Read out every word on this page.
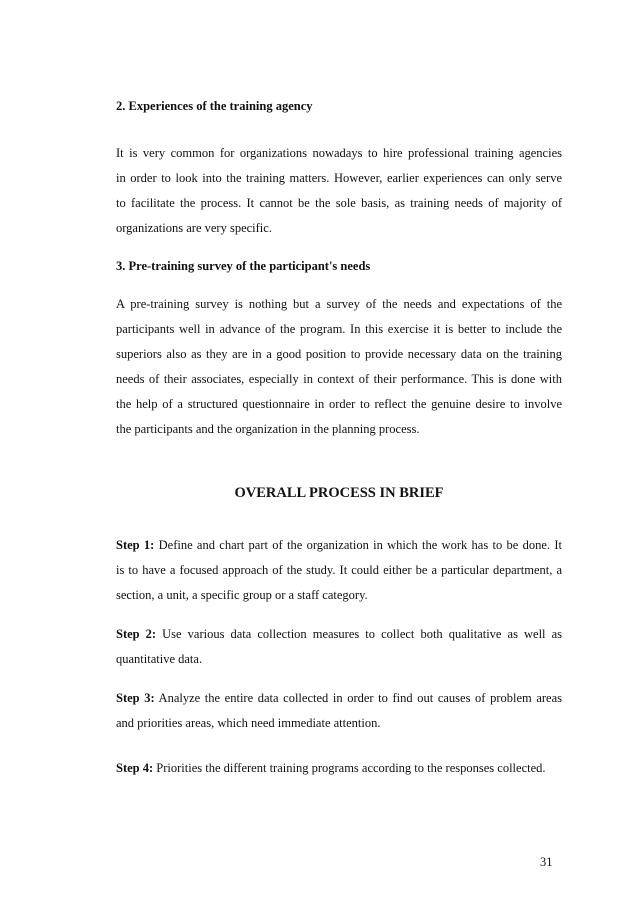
2. Experiences of the training agency
It is very common for organizations nowadays to hire professional training agencies
in order to look into the training matters. However, earlier experiences can only serve
to facilitate the process. It cannot be the sole basis, as training needs of majority of
organizations are very specific.
3. Pre-training survey of the participant's needs
A pre-training survey is nothing but a survey of the needs and expectations of the
participants well in advance of the program. In this exercise it is better to include the
superiors also as they are in a good position to provide necessary data on the training
needs of their associates, especially in context of their performance. This is done with
the help of a structured questionnaire in order to reflect the genuine desire to involve
the participants and the organization in the planning process.
OVERALL PROCESS IN BRIEF
Step 1: Define and chart part of the organization in which the work has to be done. It
is to have a focused approach of the study. It could either be a particular department, a
section, a unit, a specific group or a staff category.
Step 2: Use various data collection measures to collect both qualitative as well as
quantitative data.
Step 3: Analyze the entire data collected in order to find out causes of problem areas
and priorities areas, which need immediate attention.
Step 4: Priorities the different training programs according to the responses collected.
31
